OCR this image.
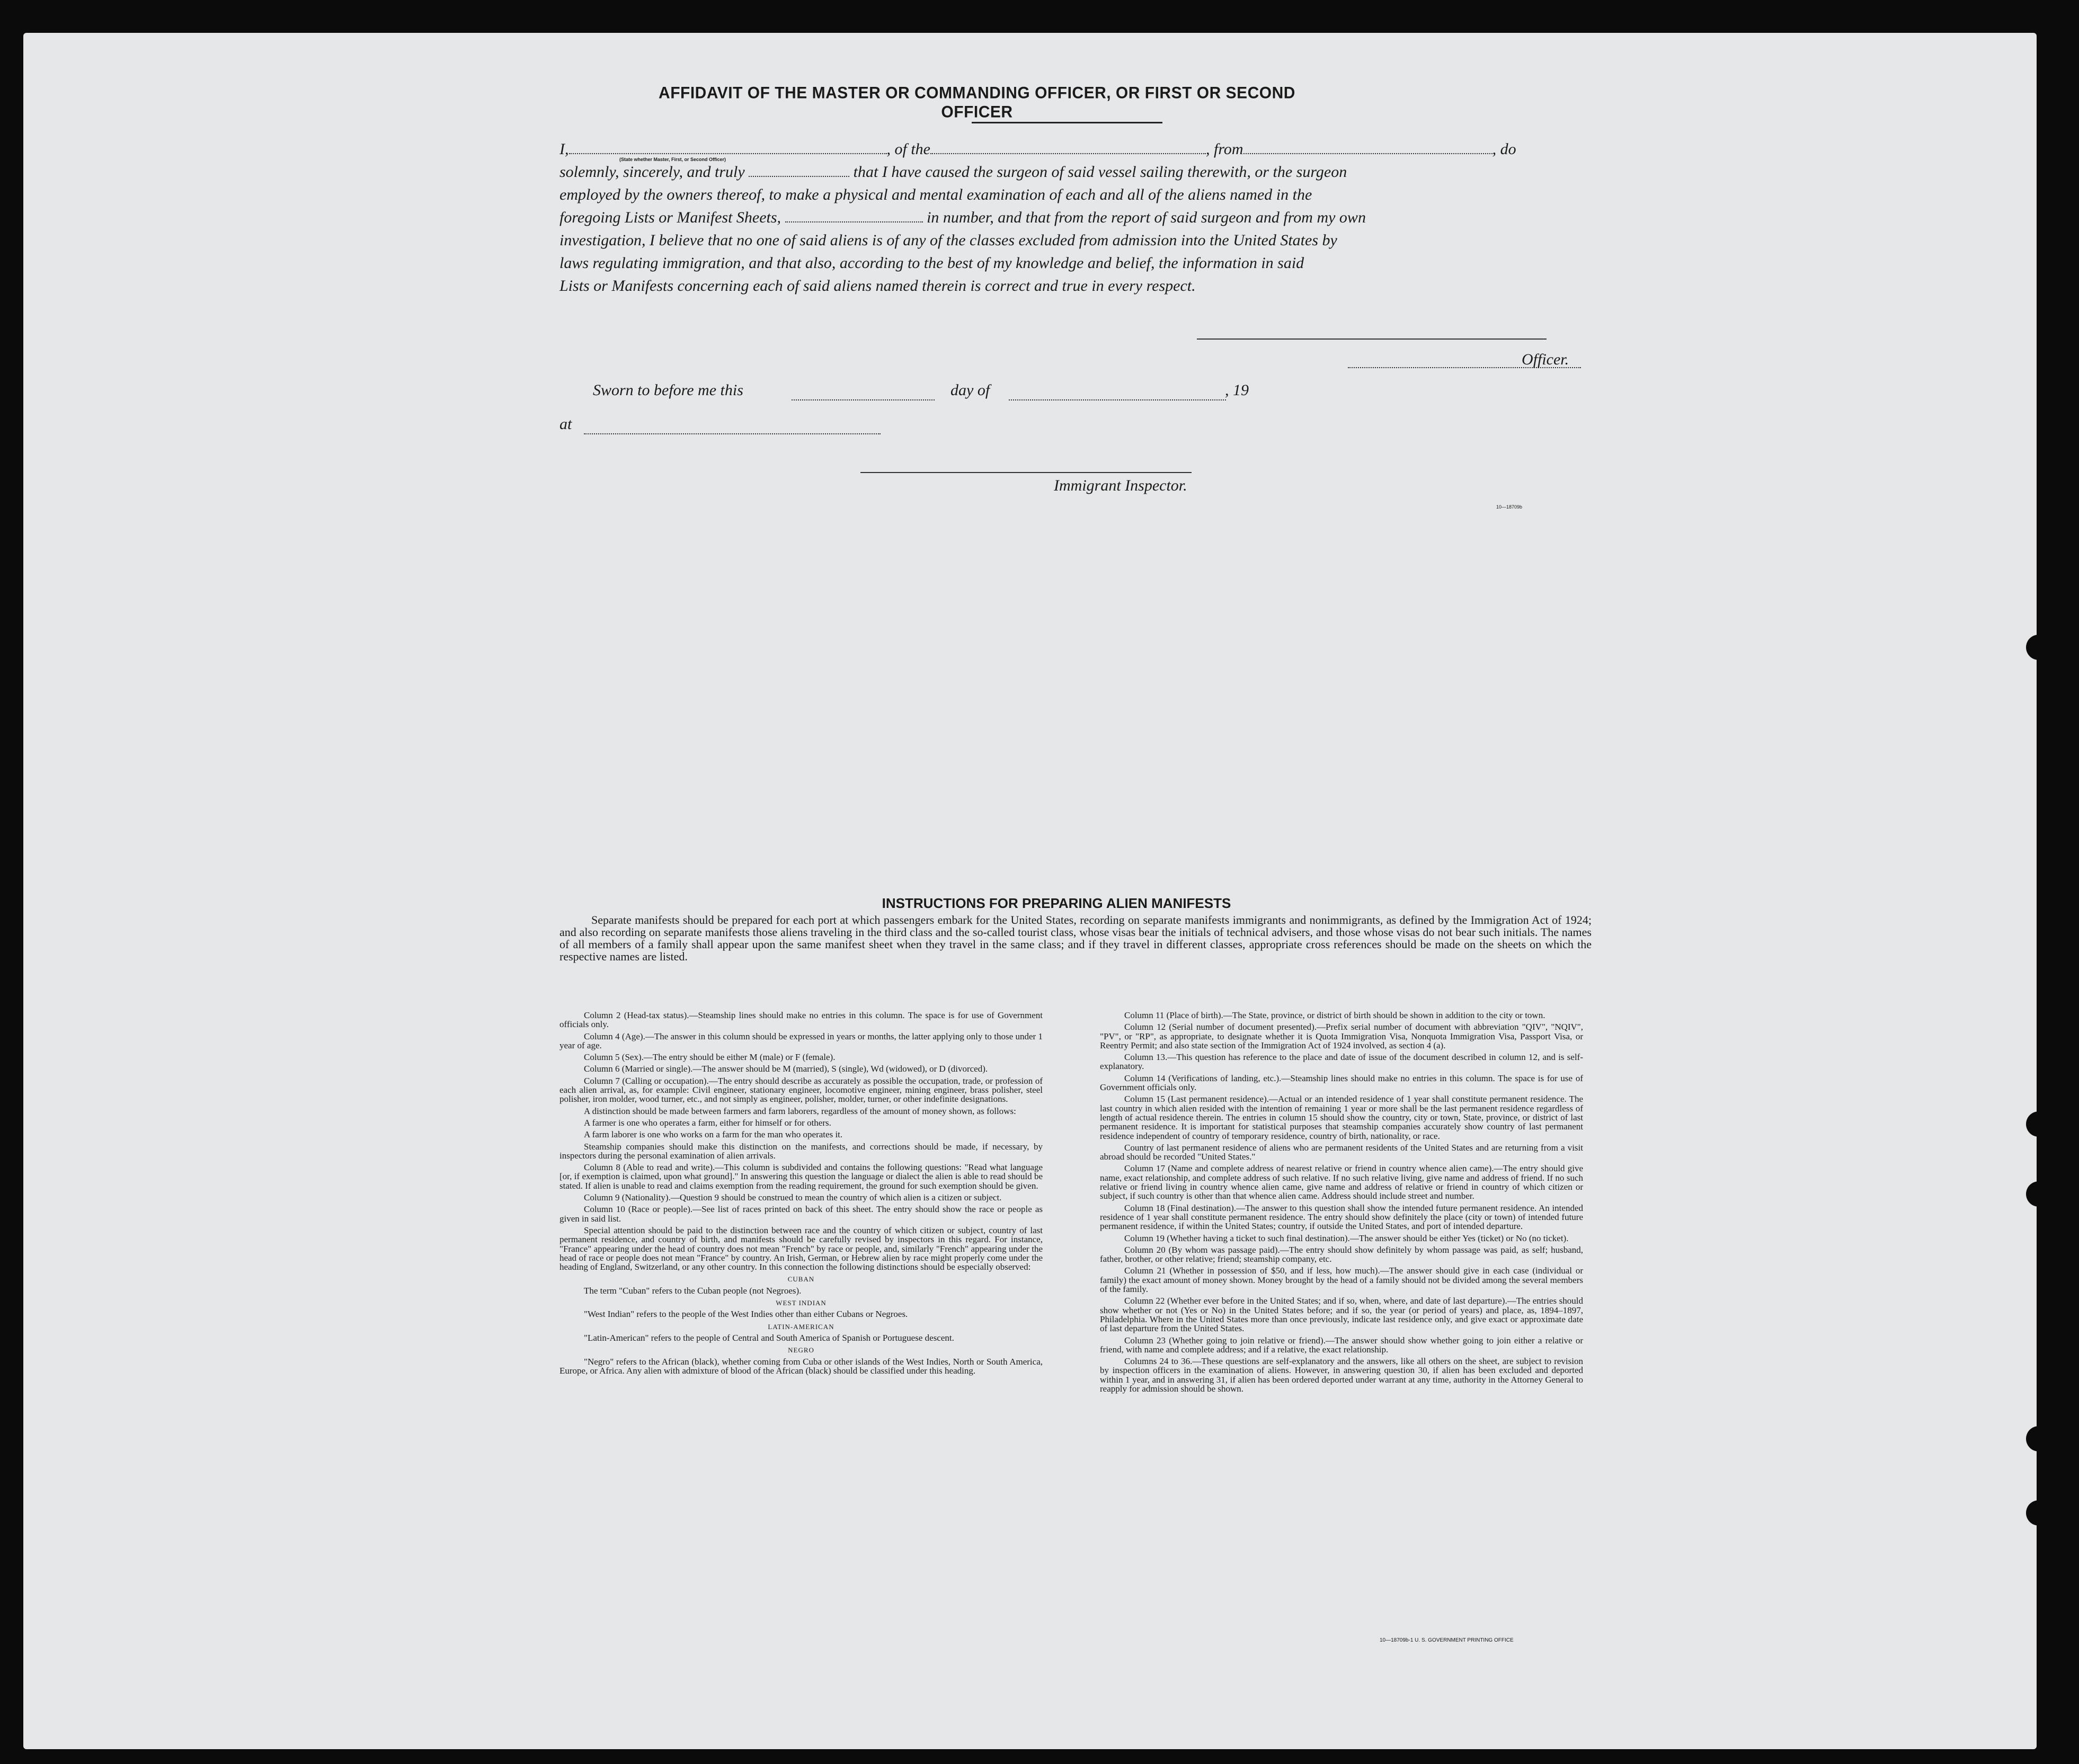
AFFIDAVIT OF THE MASTER OR COMMANDING OFFICER, OR FIRST OR SECOND OFFICER
(State whether Master, First, or Second Officer)
I,	, of the	, from	, do
solemnly, sincerely, and truly	that I have caused the surgeon of said vessel sailing therewith, or the surgeon
employed by the owners thereof, to make a physical and mental examination of each and all of the aliens named in the
foregoing Lists or Manifest Sheets,	in number, and that from the report of said surgeon and from my own
investigation, I believe that no one of said aliens is of any of the classes excluded from admission into the United States by
laws regulating immigration, and that also, according to the best of my knowledge and belief, the information in said
Lists or Manifests concerning each of said aliens named therein is correct and true in every respect.
Officer.
Sworn to before me this	day of	, 19
at
Immigrant Inspector.
10—18709b
INSTRUCTIONS FOR PREPARING ALIEN MANIFESTS
Separate manifests should be prepared for each port at which passengers embark for the United States, recording on separate manifests immigrants and nonimmigrants, as defined by the Immigration Act of 1924; and also recording on separate manifests those aliens traveling in the third class and the so-called tourist class, whose visas bear the initials of technical advisers, and those whose visas do not bear such initials. The names of all members of a family shall appear upon the same manifest sheet when they travel in the same class; and if they travel in different classes, appropriate cross references should be made on the sheets on which the respective names are listed.

Column 2 (Head-tax status).—Steamship lines should make no entries in this column. The space is for use of Government officials only.

Column 4 (Age).—The answer in this column should be expressed in years or months, the latter applying only to those under 1 year of age.

Column 5 (Sex).—The entry should be either M (male) or F (female).

Column 6 (Married or single).—The answer should be M (married), S (single), Wd (widowed), or D (divorced).

Column 7 (Calling or occupation).—The entry should describe as accurately as possible the occupation, trade, or profession of each alien arrival, as, for example: Civil engineer, stationary engineer, locomotive engineer, mining engineer, brass polisher, steel polisher, iron molder, wood turner, etc., and not simply as engineer, polisher, molder, turner, or other indefinite designations.

A distinction should be made between farmers and farm laborers, regardless of the amount of money shown, as follows:

A farmer is one who operates a farm, either for himself or for others.

A farm laborer is one who works on a farm for the man who operates it.

Steamship companies should make this distinction on the manifests, and corrections should be made, if necessary, by inspectors during the personal examination of alien arrivals.

Column 8 (Able to read and write).—This column is subdivided and contains the following questions: "Read what language [or, if exemption is claimed, upon what ground]." In answering this question the language or dialect the alien is able to read should be stated. If alien is unable to read and claims exemption from the reading requirement, the ground for such exemption should be given.

Column 9 (Nationality).—Question 9 should be construed to mean the country of which alien is a citizen or subject.

Column 10 (Race or people).—See list of races printed on back of this sheet. The entry should show the race or people as given in said list.

Special attention should be paid to the distinction between race and the country of which citizen or subject, country of last permanent residence, and country of birth, and manifests should be carefully revised by inspectors in this regard. For instance, "France" appearing under the head of country does not mean "French" by race or people, and, similarly "French" appearing under the head of race or people does not mean "France" by country. An Irish, German, or Hebrew alien by race might properly come under the heading of England, Switzerland, or any other country. In this connection the following distinctions should be especially observed:

CUBAN

The term "Cuban" refers to the Cuban people (not Negroes).

WEST INDIAN

"West Indian" refers to the people of the West Indies other than either Cubans or Negroes.

LATIN-AMERICAN

"Latin-American" refers to the people of Central and South America of Spanish or Portuguese descent.

NEGRO

"Negro" refers to the African (black), whether coming from Cuba or other islands of the West Indies, North or South America, Europe, or Africa. Any alien with admixture of blood of the African (black) should be classified under this heading.

Column 11 (Place of birth).—The State, province, or district of birth should be shown in addition to the city or town.

Column 12 (Serial number of document presented).—Prefix serial number of document with abbreviation "QIV", "NQIV", "PV", or "RP", as appropriate, to designate whether it is Quota Immigration Visa, Nonquota Immigration Visa, Passport Visa, or Reentry Permit; and also state section of the Immigration Act of 1924 involved, as section 4 (a).

Column 13.—This question has reference to the place and date of issue of the document described in column 12, and is self-explanatory.

Column 14 (Verifications of landing, etc.).—Steamship lines should make no entries in this column. The space is for use of Government officials only.

Column 15 (Last permanent residence).—Actual or an intended residence of 1 year shall constitute permanent residence. The last country in which alien resided with the intention of remaining 1 year or more shall be the last permanent residence regardless of length of actual residence therein. The entries in column 15 should show the country, city or town, State, province, or district of last permanent residence. It is important for statistical purposes that steamship companies accurately show country of last permanent residence independent of country of temporary residence, country of birth, nationality, or race.

Country of last permanent residence of aliens who are permanent residents of the United States and are returning from a visit abroad should be recorded "United States."

Column 17 (Name and complete address of nearest relative or friend in country whence alien came).—The entry should give name, exact relationship, and complete address of such relative. If no such relative living, give name and address of friend. If no such relative or friend living in country whence alien came, give name and address of relative or friend in country of which citizen or subject, if such country is other than that whence alien came. Address should include street and number.

Column 18 (Final destination).—The answer to this question shall show the intended future permanent residence. An intended residence of 1 year shall constitute permanent residence. The entry should show definitely the place (city or town) of intended future permanent residence, if within the United States; country, if outside the United States, and port of intended departure.

Column 19 (Whether having a ticket to such final destination).—The answer should be either Yes (ticket) or No (no ticket).

Column 20 (By whom was passage paid).—The entry should show definitely by whom passage was paid, as self; husband, father, brother, or other relative; friend; steamship company, etc.

Column 21 (Whether in possession of $50, and if less, how much).—The answer should give in each case (individual or family) the exact amount of money shown. Money brought by the head of a family should not be divided among the several members of the family.

Column 22 (Whether ever before in the United States; and if so, when, where, and date of last departure).—The entries should show whether or not (Yes or No) in the United States before; and if so, the year (or period of years) and place, as, 1894–1897, Philadelphia. Where in the United States more than once previously, indicate last residence only, and give exact or approximate date of last departure from the United States.

Column 23 (Whether going to join relative or friend).—The answer should show whether going to join either a relative or friend, with name and complete address; and if a relative, the exact relationship.

Columns 24 to 36.—These questions are self-explanatory and the answers, like all others on the sheet, are subject to revision by inspection officers in the examination of aliens. However, in answering question 30, if alien has been excluded and deported within 1 year, and in answering 31, if alien has been ordered deported under warrant at any time, authority in the Attorney General to reapply for admission should be shown.

10—18709b-1 U. S. GOVERNMENT PRINTING OFFICE
